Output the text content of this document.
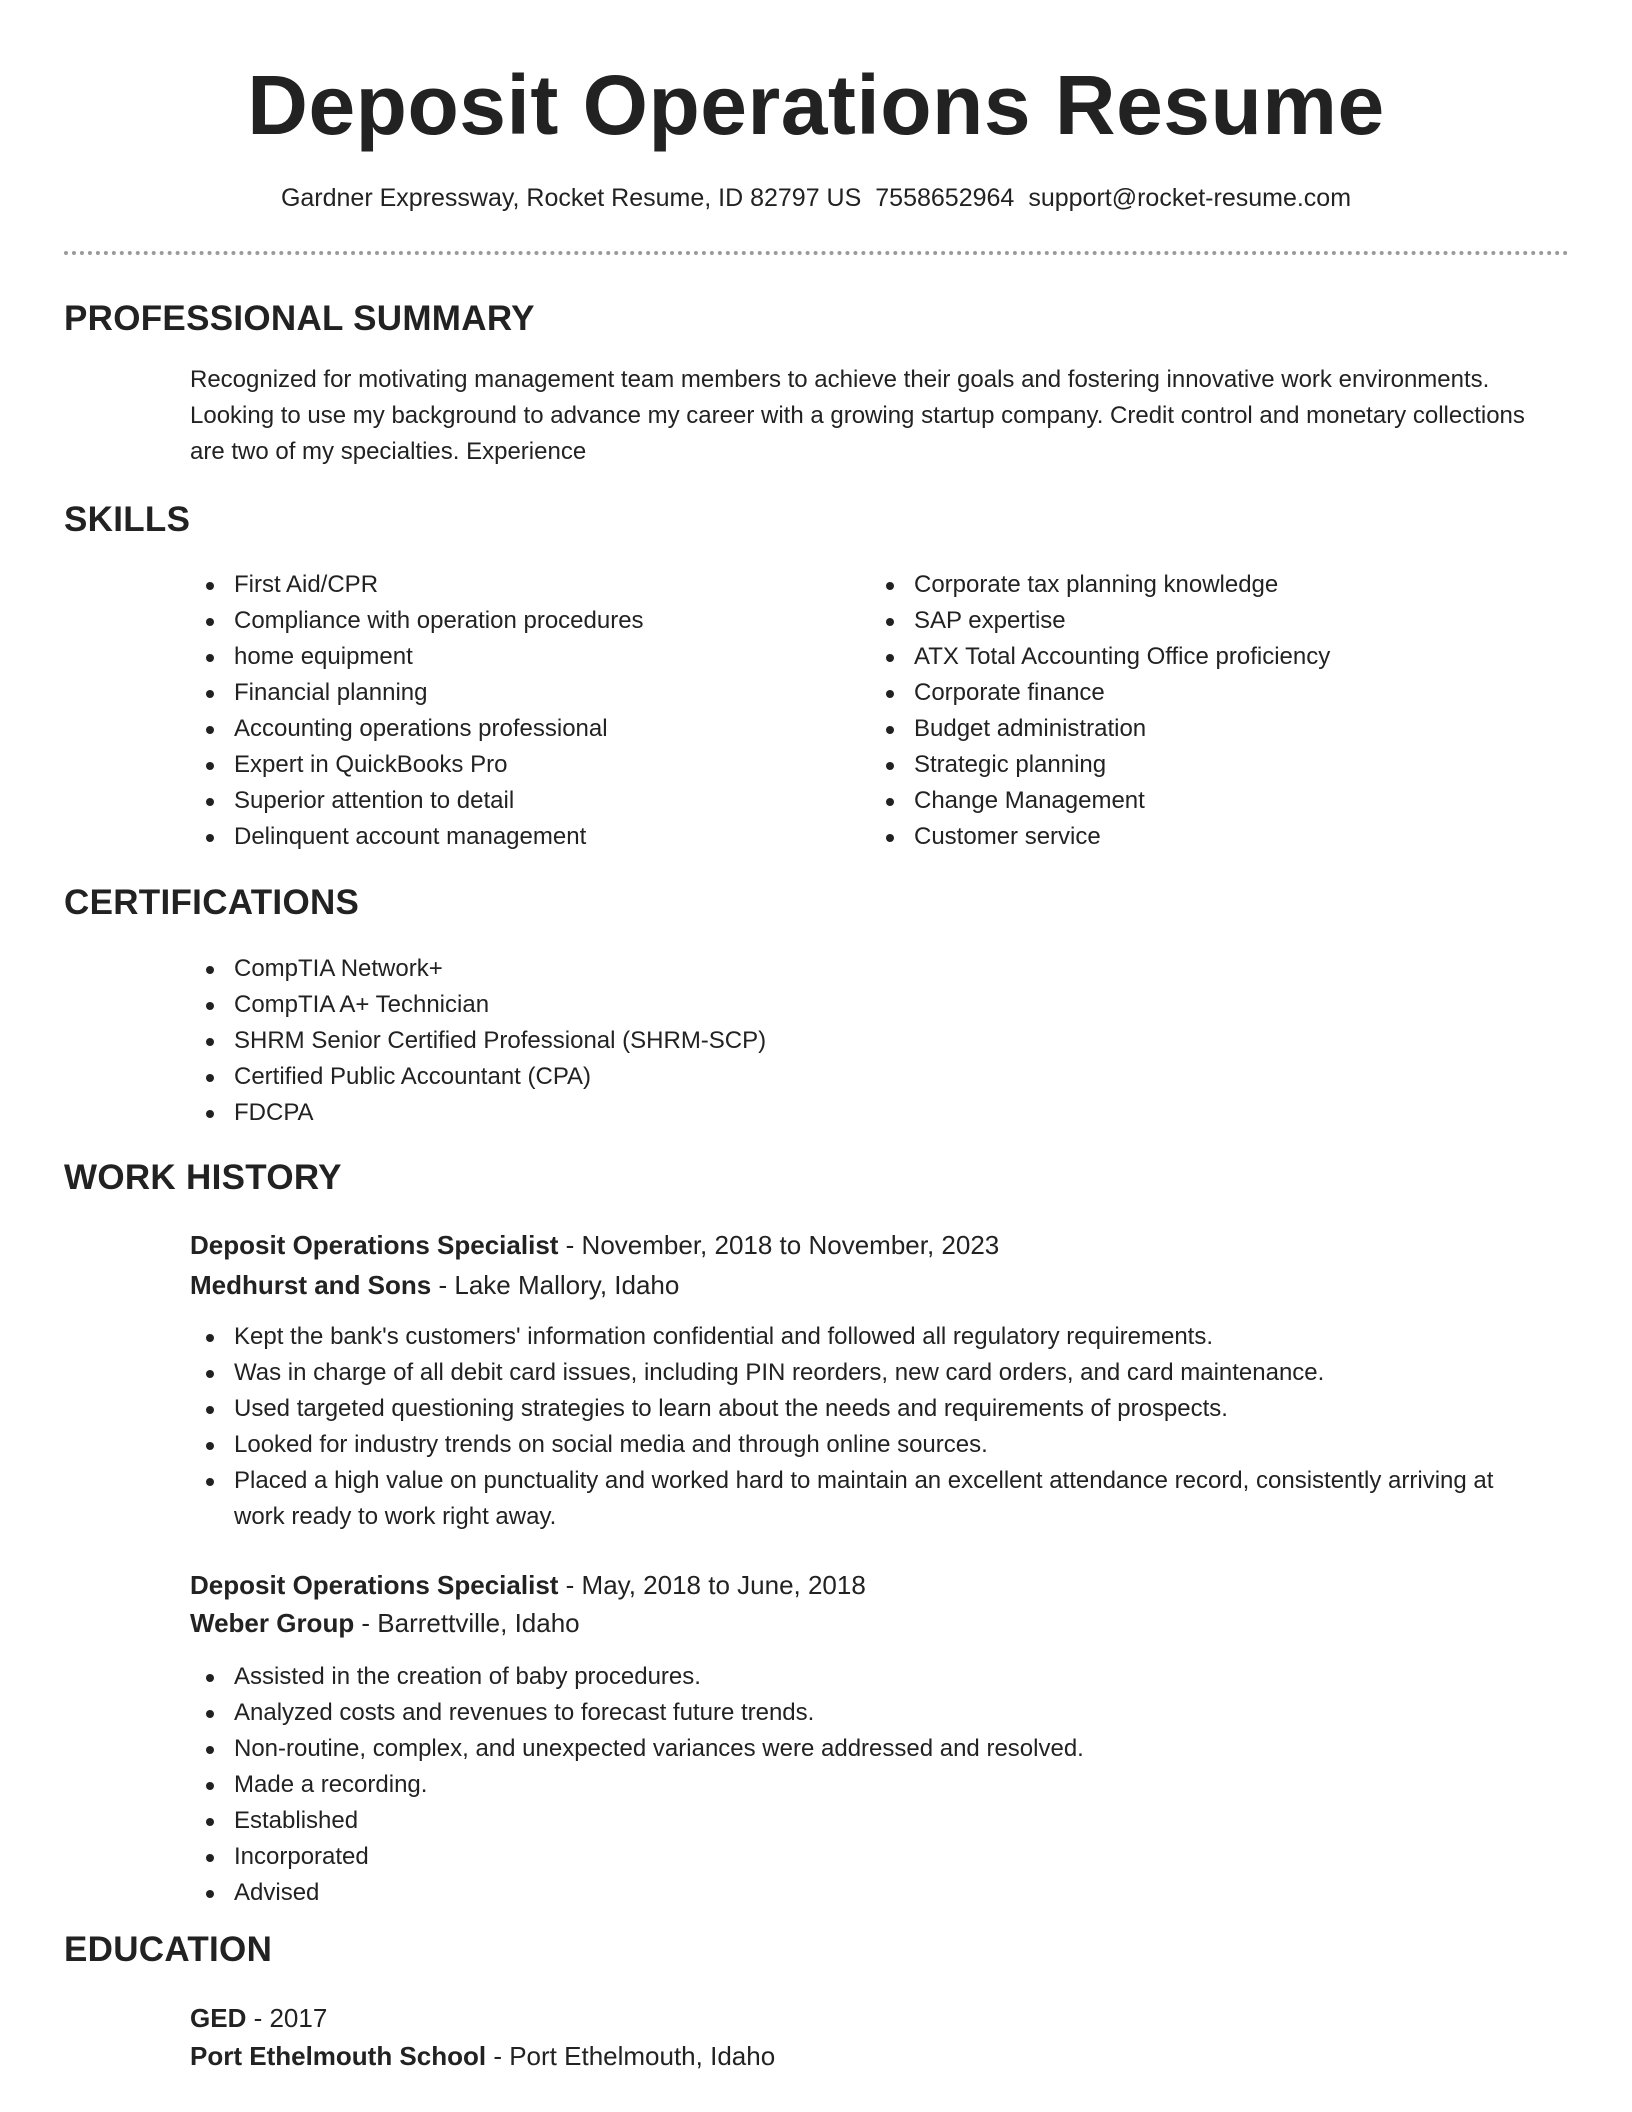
Deposit Operations Resume
Gardner Expressway, Rocket Resume, ID 82797 US 7558652964 support@rocket-resume.com
PROFESSIONAL SUMMARY

Recognized for motivating management team members to achieve their goals and fostering innovative work environments. Looking to use my background to advance my career with a growing startup company. Credit control and monetary collections are two of my specialties. Experience

SKILLS
First Aid/CPR
Compliance with operation procedures
home equipment
Financial planning
Accounting operations professional
Expert in QuickBooks Pro
Superior attention to detail
Delinquent account management
Corporate tax planning knowledge
SAP expertise
ATX Total Accounting Office proficiency
Corporate finance
Budget administration
Strategic planning
Change Management
Customer service
CERTIFICATIONS
CompTIA Network+
CompTIA A+ Technician
SHRM Senior Certified Professional (SHRM-SCP)
Certified Public Accountant (CPA)
FDCPA
WORK HISTORY
Deposit Operations Specialist - November, 2018 to November, 2023
Medhurst and Sons - Lake Mallory, Idaho
Kept the bank's customers' information confidential and followed all regulatory requirements.
Was in charge of all debit card issues, including PIN reorders, new card orders, and card maintenance.
Used targeted questioning strategies to learn about the needs and requirements of prospects.
Looked for industry trends on social media and through online sources.
Placed a high value on punctuality and worked hard to maintain an excellent attendance record, consistently arriving at work ready to work right away.
Deposit Operations Specialist - May, 2018 to June, 2018
Weber Group - Barrettville, Idaho
Assisted in the creation of baby procedures.
Analyzed costs and revenues to forecast future trends.
Non-routine, complex, and unexpected variances were addressed and resolved.
Made a recording.
Established
Incorporated
Advised
EDUCATION
GED - 2017
Port Ethelmouth School - Port Ethelmouth, Idaho
